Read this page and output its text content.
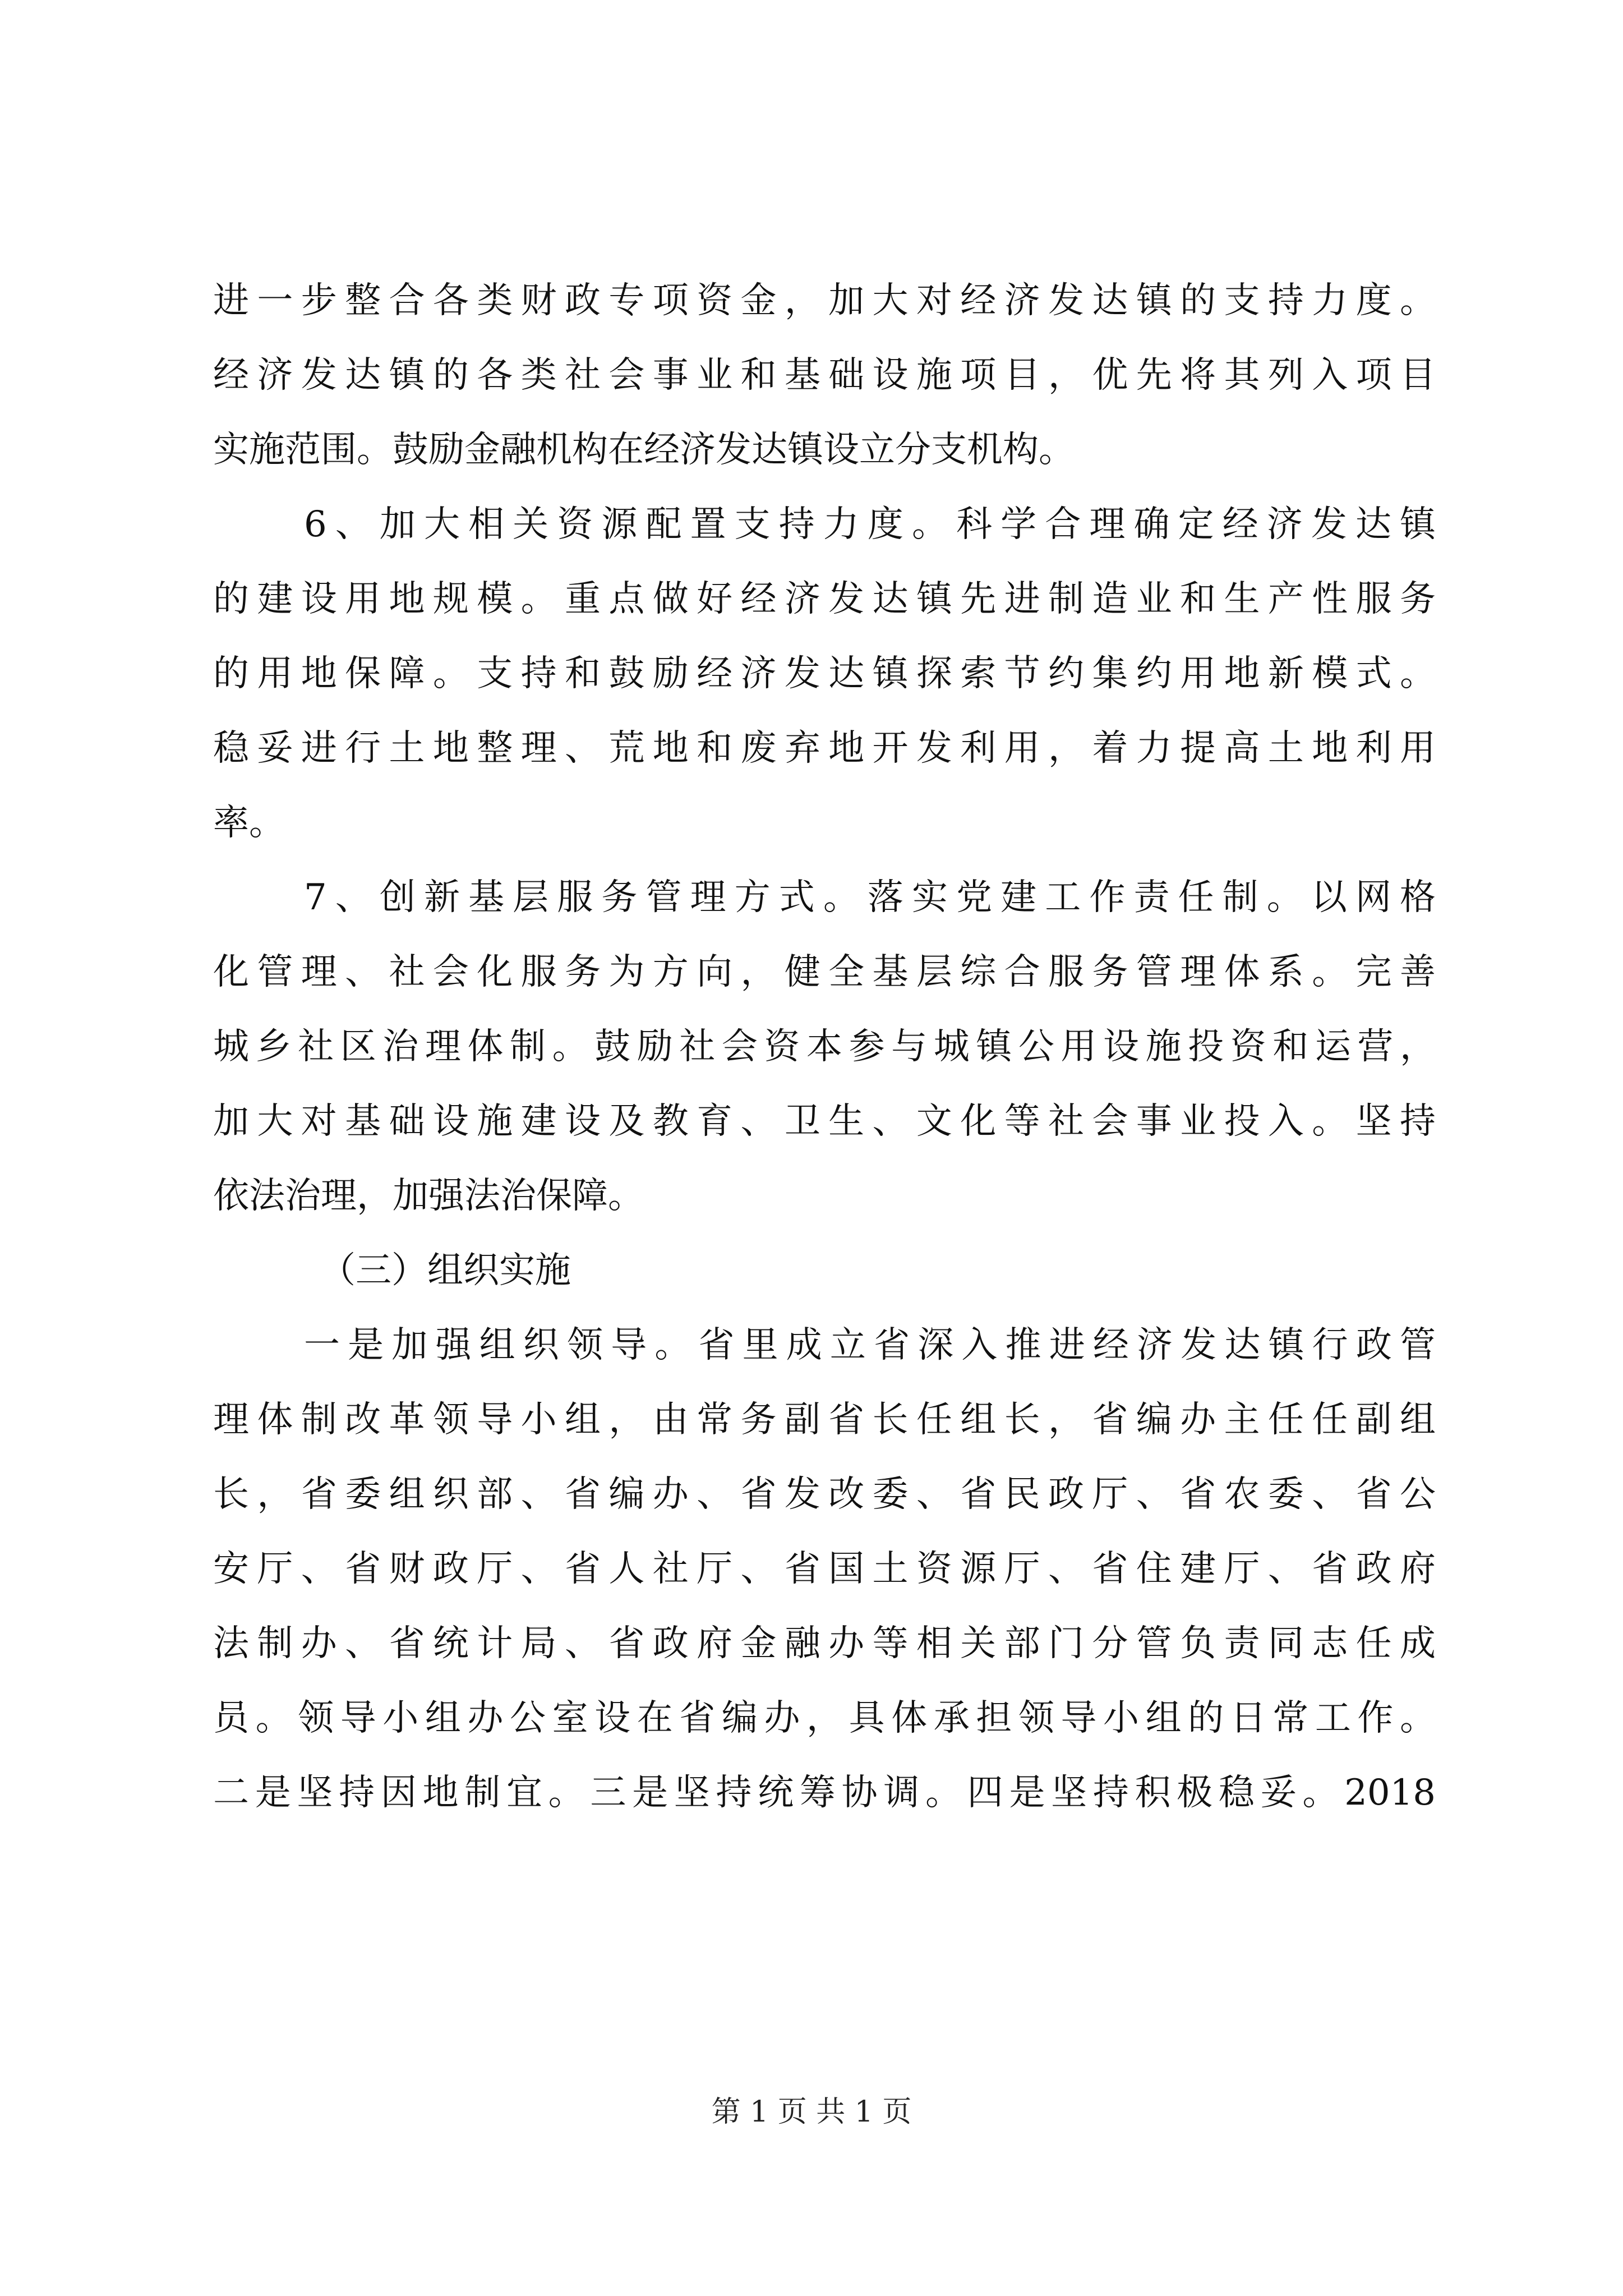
进一步整合各类财政专项资金，加大对经济发达镇的支持力度。
经济发达镇的各类社会事业和基础设施项目，优先将其列入项目
实施范围。鼓励金融机构在经济发达镇设立分支机构。
6、加大相关资源配置支持力度。科学合理确定经济发达镇
的建设用地规模。重点做好经济发达镇先进制造业和生产性服务
的用地保障。支持和鼓励经济发达镇探索节约集约用地新模式。
稳妥进行土地整理、荒地和废弃地开发利用，着力提高土地利用
率。
7、创新基层服务管理方式。落实党建工作责任制。以网格
化管理、社会化服务为方向，健全基层综合服务管理体系。完善
城乡社区治理体制。鼓励社会资本参与城镇公用设施投资和运营，
加大对基础设施建设及教育、卫生、文化等社会事业投入。坚持
依法治理，加强法治保障。
（三）组织实施
一是加强组织领导。省里成立省深入推进经济发达镇行政管
理体制改革领导小组，由常务副省长任组长，省编办主任任副组
长，省委组织部、省编办、省发改委、省民政厅、省农委、省公
安厅、省财政厅、省人社厅、省国土资源厅、省住建厅、省政府
法制办、省统计局、省政府金融办等相关部门分管负责同志任成
员。领导小组办公室设在省编办，具体承担领导小组的日常工作。
二是坚持因地制宜。三是坚持统筹协调。四是坚持积极稳妥。2018
第 1 页 共 1 页
